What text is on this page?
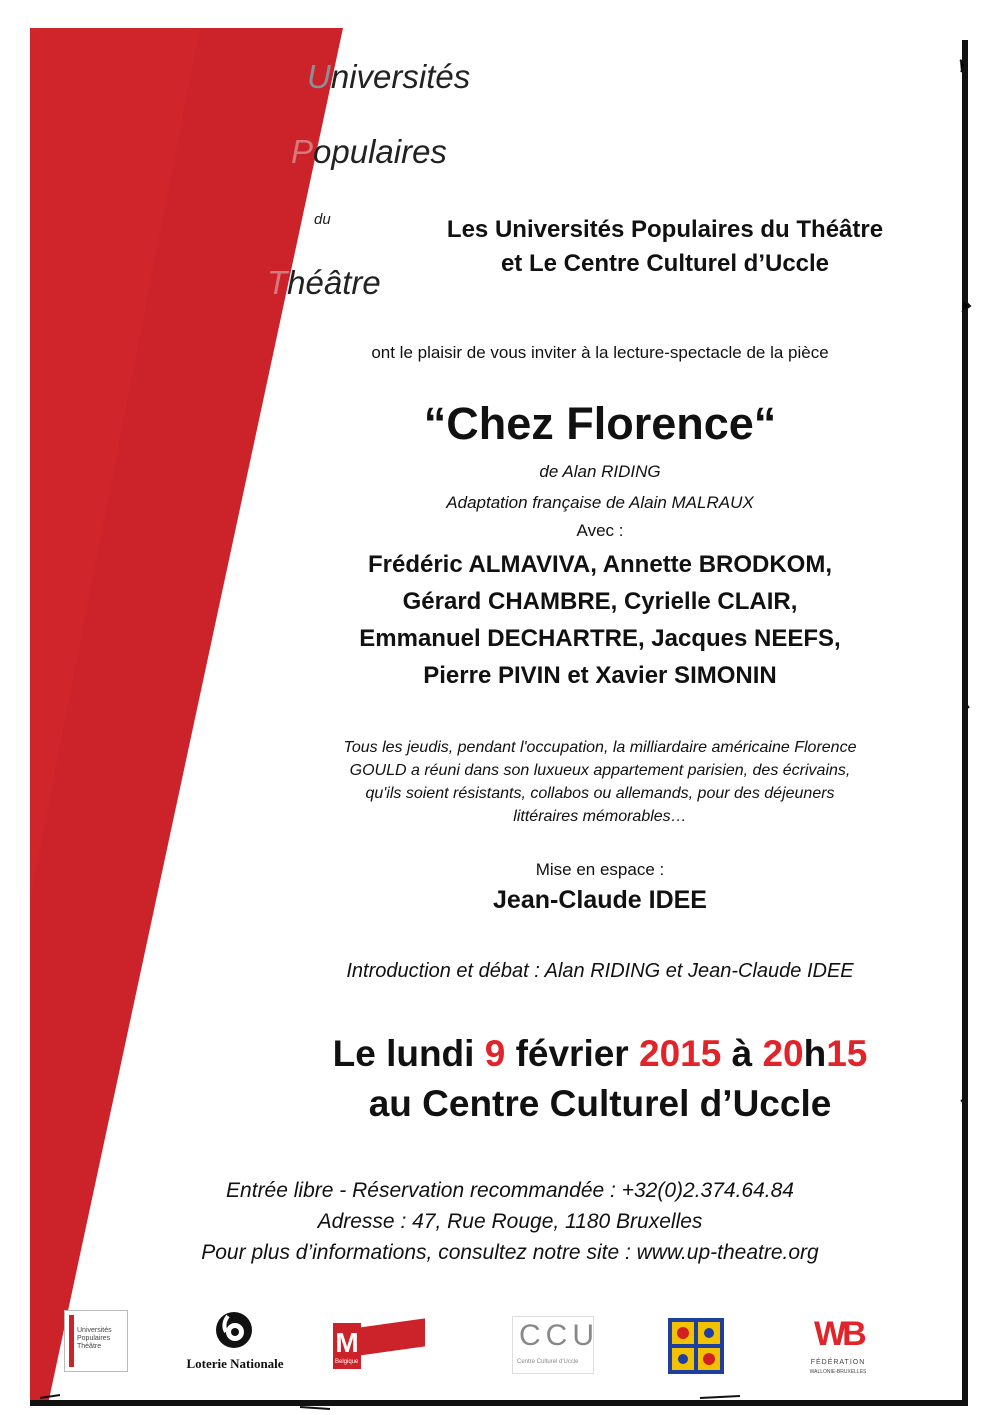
Universités
Populaires
du
Théâtre
Les Universités Populaires du Théâtre
et Le Centre Culturel d’Uccle
ont le plaisir de vous inviter à la lecture-spectacle de la pièce
“Chez Florence“
de Alan RIDING
Adaptation française de Alain MALRAUX
Avec :
Frédéric ALMAVIVA, Annette BRODKOM,
Gérard CHAMBRE, Cyrielle CLAIR,
Emmanuel DECHARTRE, Jacques NEEFS,
Pierre PIVIN et Xavier SIMONIN
Tous les jeudis, pendant l'occupation, la milliardaire américaine Florence
GOULD a réuni dans son luxueux appartement parisien, des écrivains,
qu'ils soient résistants, collabos ou allemands, pour des déjeuners
littéraires mémorables…
Mise en espace :
Jean-Claude IDEE
Introduction et débat : Alan RIDING et Jean-Claude IDEE
Le lundi 9 février 2015 à 20h15
au Centre Culturel d’Uccle
Entrée libre - Réservation recommandée : +32(0)2.374.64.84
Adresse : 47, Rue Rouge, 1180 Bruxelles
Pour plus d’informations, consultez notre site : www.up-theatre.org
Universités
Populaires
Théâtre
Loterie Nationale
M
Belgique
CCU
Centre Culturel d'Uccle
WB
FÉDÉRATION
WALLONIE-BRUXELLES
